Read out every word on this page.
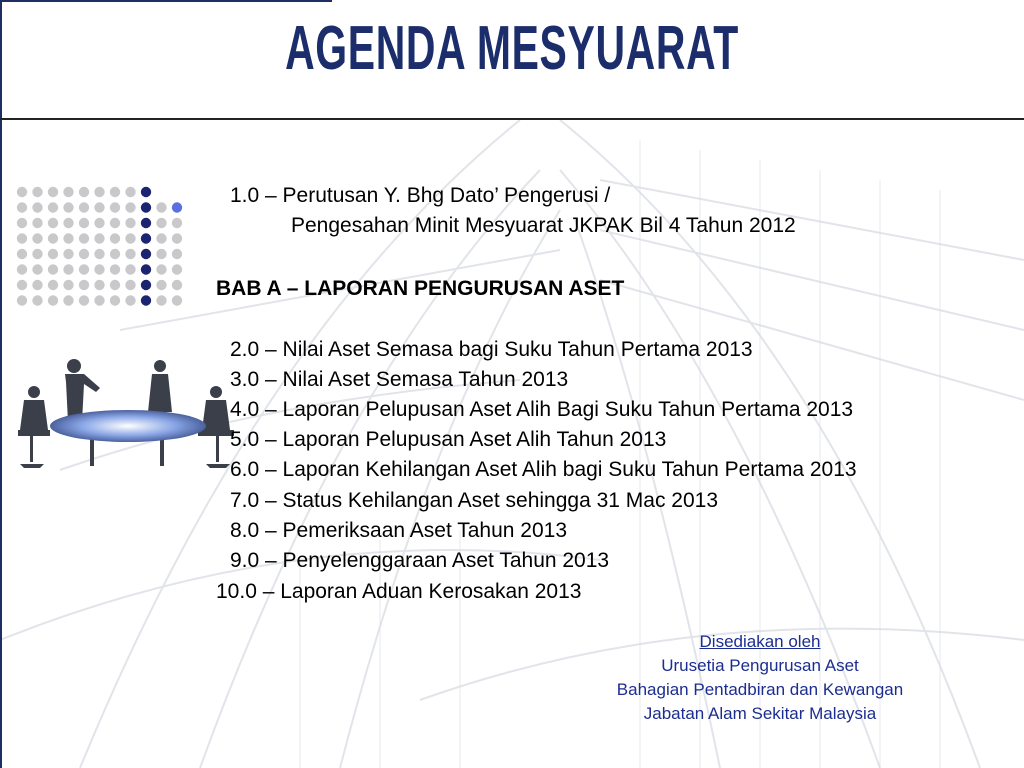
AGENDA MESYUARAT
1.0 – Perutusan Y. Bhg Dato’ Pengerusi /
Pengesahan Minit Mesyuarat JKPAK Bil 4 Tahun 2012
BAB A – LAPORAN PENGURUSAN ASET
2.0 – Nilai Aset Semasa bagi Suku Tahun Pertama 2013
3.0 – Nilai Aset Semasa Tahun 2013
4.0 – Laporan Pelupusan Aset Alih Bagi Suku Tahun Pertama 2013
5.0 – Laporan Pelupusan Aset Alih Tahun 2013
6.0 – Laporan Kehilangan Aset Alih bagi Suku Tahun Pertama 2013
7.0 – Status Kehilangan Aset sehingga 31 Mac 2013
8.0 – Pemeriksaan Aset Tahun 2013
9.0 – Penyelenggaraan Aset Tahun 2013
10.0 – Laporan Aduan Kerosakan 2013
Disediakan oleh
Urusetia Pengurusan Aset
Bahagian Pentadbiran dan Kewangan
Jabatan Alam Sekitar Malaysia
